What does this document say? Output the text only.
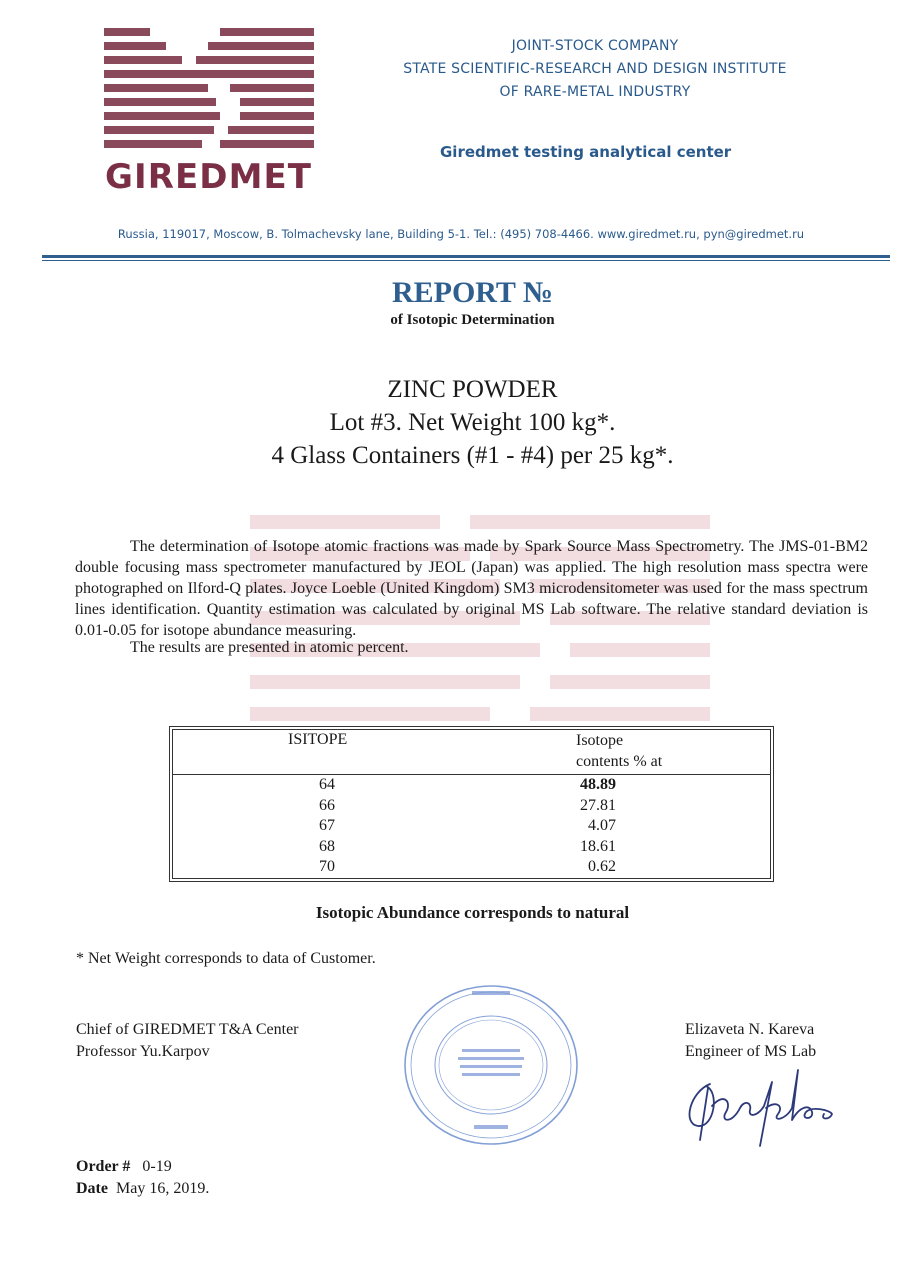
GIREDMET
JOINT-STOCK COMPANY
STATE SCIENTIFIC-RESEARCH AND DESIGN INSTITUTE
OF RARE-METAL INDUSTRY
Giredmet testing analytical center
Russia, 119017, Moscow, B. Tolmachevsky lane, Building 5-1. Tel.: (495) 708-4466. www.giredmet.ru, pyn@giredmet.ru
REPORT №
of Isotopic Determination
ZINC POWDER
Lot #3. Net Weight 100 kg*.
4 Glass Containers (#1 - #4) per 25 kg*.
The determination of Isotope atomic fractions was made by Spark Source Mass Spectrometry. The JMS-01-BM2 double focusing mass spectrometer manufactured by JEOL (Japan) was applied. The high resolution mass spectra were photographed on Ilford-Q plates. Joyce Loeble (United Kingdom) SM3 microdensitometer was used for the mass spectrum lines identification. Quantity estimation was calculated by original MS Lab software. The relative standard deviation is 0.01-0.05 for isotope abundance measuring.
The results are presented in atomic percent.
ISITOPE	Isotope
contents % at
64	48.89
66	27.81
67	4.07
68	18.61
70	0.62
Isotopic Abundance corresponds to natural
* Net Weight corresponds to data of Customer.
Chief of GIREDMET T&A Center
Professor Yu.Karpov
Elizaveta N. Kareva
Engineer of MS Lab
Order # 0-19
Date May 16, 2019.
